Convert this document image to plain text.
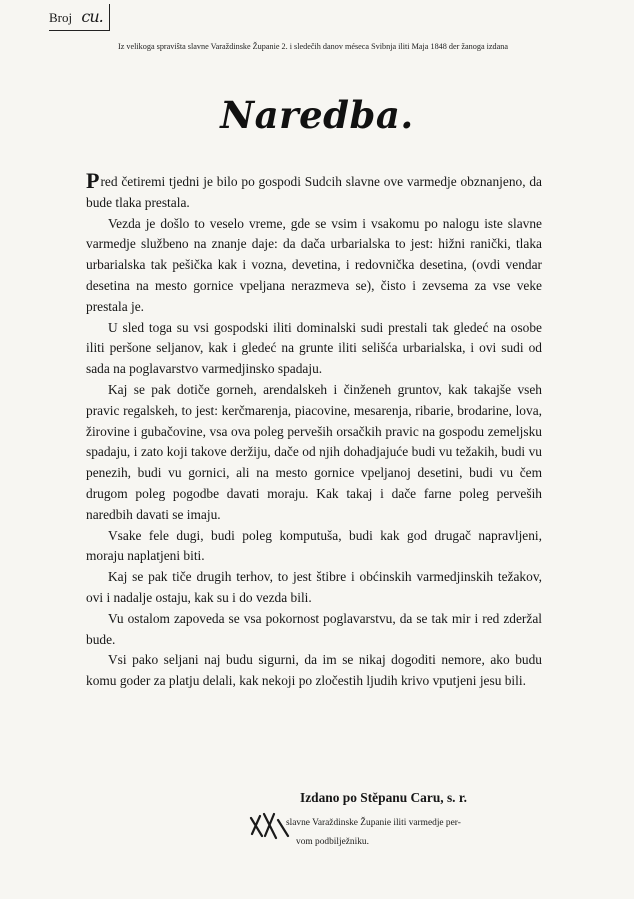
Broj cu.
Iz velikoga spraviŝta slavne Varaždinske Županie 2. i sledečih danov méseca Svibnja iliti Maja 1848 der žanoga izdana
Naredba.

Pred četiremi tjedni je bilo po gospodi Sudcih slavne ove varmedje obznanjeno, da bude tlaka prestala.

Vezda je došlo to veselo vreme, gde se vsim i vsakomu po nalogu iste slavne varmedje službeno na znanje daje: da dača urbarialska to jest: hižni ranički, tlaka urbarialska tak pešička kak i vozna, devetina, i redovnička desetina, (ovdi vendar desetina na mesto gornice vpeljana nerazmeva se), čisto i zevsema za vse veke prestala je.

U sled toga su vsi gospodski iliti dominalski sudi prestali tak gledeć na osobe iliti peršone seljanov, kak i gledeć na grunte iliti selišća urbarialska, i ovi sudi od sada na poglavarstvo varmedjinsko spadaju.

Kaj se pak dotiče gorneh, arendalskeh i činženeh gruntov, kak takajše vseh pravic regalskeh, to jest: kerčmarenja, piacovine, mesarenja, ribarie, brodarine, lova, žirovine i gubačovine, vsa ova poleg perveših orsačkih pravic na gospodu zemeljsku spadaju, i zato koji takove deržiju, dače od njih dohadjajuće budi vu težakih, budi vu penezih, budi vu gornici, ali na mesto gornice vpeljanoj desetini, budi vu čem drugom poleg pogodbe davati moraju. Kak takaj i dače farne poleg perveših naredbih davati se imaju.

Vsake fele dugi, budi poleg komputuša, budi kak god drugač napravljeni, moraju naplatjeni biti.

Kaj se pak tiče drugih terhov, to jest štibre i obćinskih varmedjinskih težakov, ovi i nadalje ostaju, kak su i do vezda bili.

Vu ostalom zapoveda se vsa pokornost poglavarstvu, da se tak mir i red zderžal bude.

Vsi pako seljani naj budu sigurni, da im se nikaj dogoditi nemore, ako budu komu goder za platju delali, kak nekoji po zločestih ljudih krivo vputjeni jesu bili.

Izdano po Stěpanu Caru, s. r.
slavne Varaždinske Županie iliti varmedje per-
vom podbilježniku.
